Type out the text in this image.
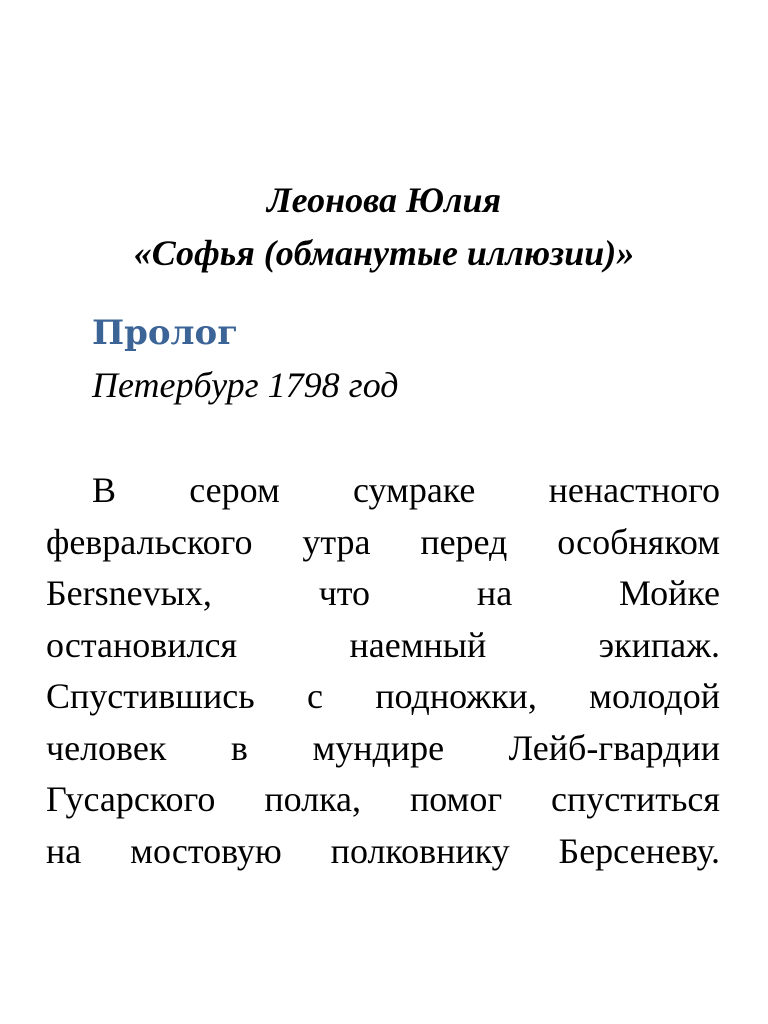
Леонова Юлия
«Софья (обманутые иллюзии)»
Пролог
Петербург 1798 год
В сером сумраке ненастного
февральского утра перед особняком
Бersnevых,	что	на	Мойке
остановился	наемный	экипаж.
Спустившись с подножки, молодой
человек в мундире Лейб-гвардии
Гусарского полка, помог спуститься
на мостовую полковнику Берсеневу.
